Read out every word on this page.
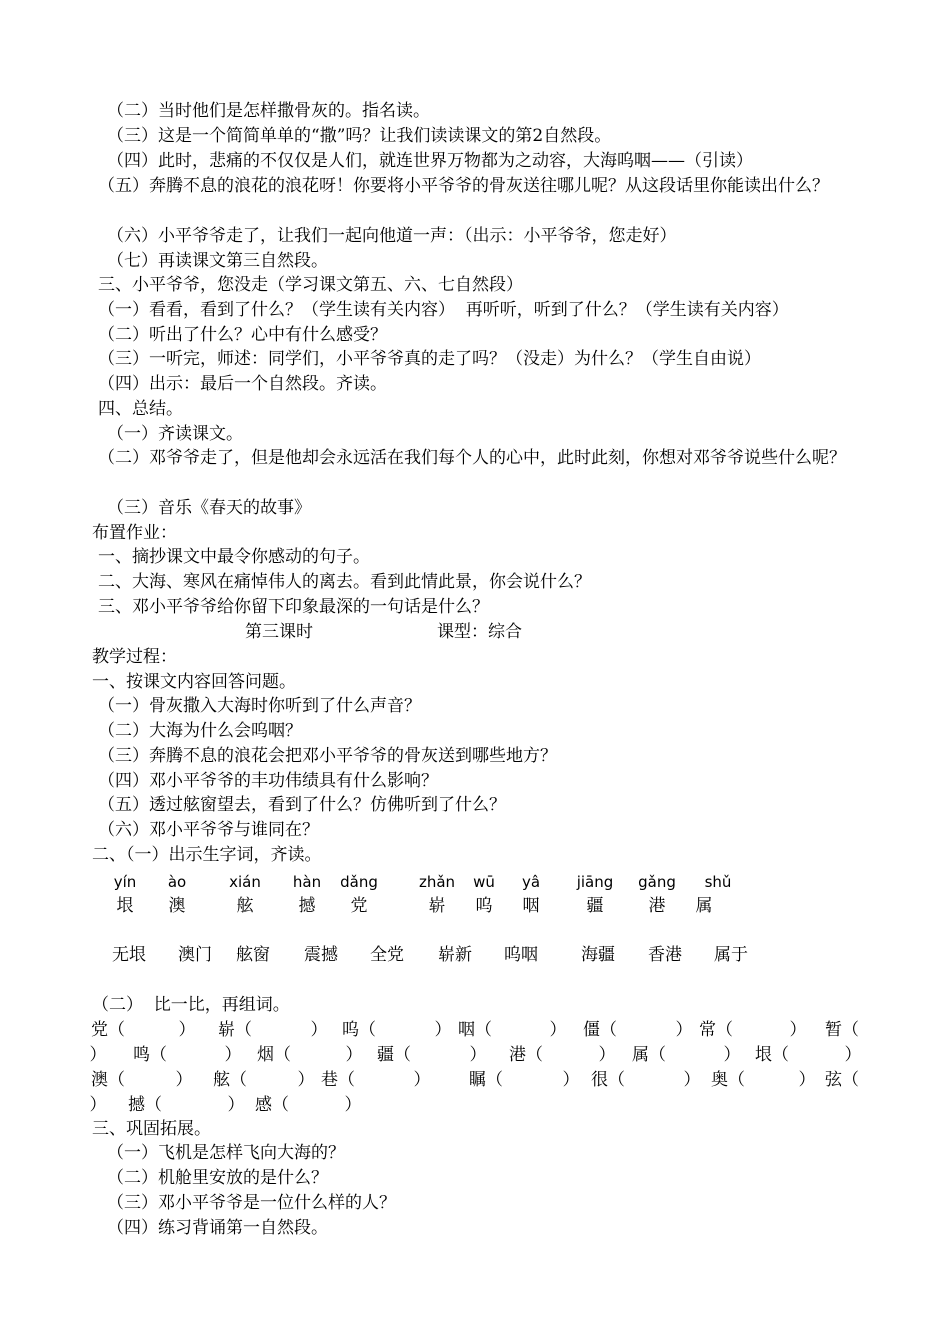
（二）当时他们是怎样撒骨灰的。指名读。
（三）这是一个简简单单的“撒”吗？让我们读读课文的第2自然段。
（四）此时，悲痛的不仅仅是人们，就连世界万物都为之动容，大海呜咽——（引读）
（五）奔腾不息的浪花的浪花呀！你要将小平爷爷的骨灰送往哪儿呢？从这段话里你能读出什么？
（六）小平爷爷走了，让我们一起向他道一声：（出示：小平爷爷，您走好）
（七）再读课文第三自然段。
三、小平爷爷，您没走（学习课文第五、六、七自然段）
（一）看看，看到了什么？（学生读有关内容）  再听听，听到了什么？（学生读有关内容）
（二）听出了什么？心中有什么感受？
（三）一听完，师述：同学们，小平爷爷真的走了吗？（没走）为什么？（学生自由说）
（四）出示：最后一个自然段。齐读。
四、总结。
（一）齐读课文。
（二）邓爷爷走了，但是他却会永远活在我们每个人的心中，此时此刻，你想对邓爷爷说些什么呢？
（三）音乐《春天的故事》
布置作业：
一、摘抄课文中最令你感动的句子。
二、大海、寒风在痛悼伟人的离去。看到此情此景，你会说什么？
三、邓小平爷爷给你留下印象最深的一句话是什么？
第三课时	课型：综合
教学过程：
一、按课文内容回答问题。
（一）骨灰撒入大海时你听到了什么声音？
（二）大海为什么会呜咽？
（三）奔腾不息的浪花会把邓小平爷爷的骨灰送到哪些地方？
（四）邓小平爷爷的丰功伟绩具有什么影响？
（五）透过舷窗望去，看到了什么？仿佛听到了什么？
（六）邓小平爷爷与谁同在？
二、（一）出示生字词，齐读。
yín	ào	xián	hàn	dǎng	zhǎn	wū	yâ	jiāng	gǎng	shǔ
垠	澳	舷	撼	党	崭	呜	咽	疆	港	属
无垠	澳门	舷窗	震撼	全党	崭新	呜咽	海疆	香港	属于
（二）  比一比，再组词。
党（	） 崭（	） 呜（	） 咽（	） 僵（	） 常（	） 暂（
） 鸣（	） 烟（	） 疆（	） 港（	） 属（	） 垠（	）
澳（	） 舷（	） 巷（	） 瞩（	） 很（	） 奥（	） 弦（
） 撼（	） 感（	）
三、巩固拓展。
（一）飞机是怎样飞向大海的？
（二）机舱里安放的是什么？
（三）邓小平爷爷是一位什么样的人？
（四）练习背诵第一自然段。
